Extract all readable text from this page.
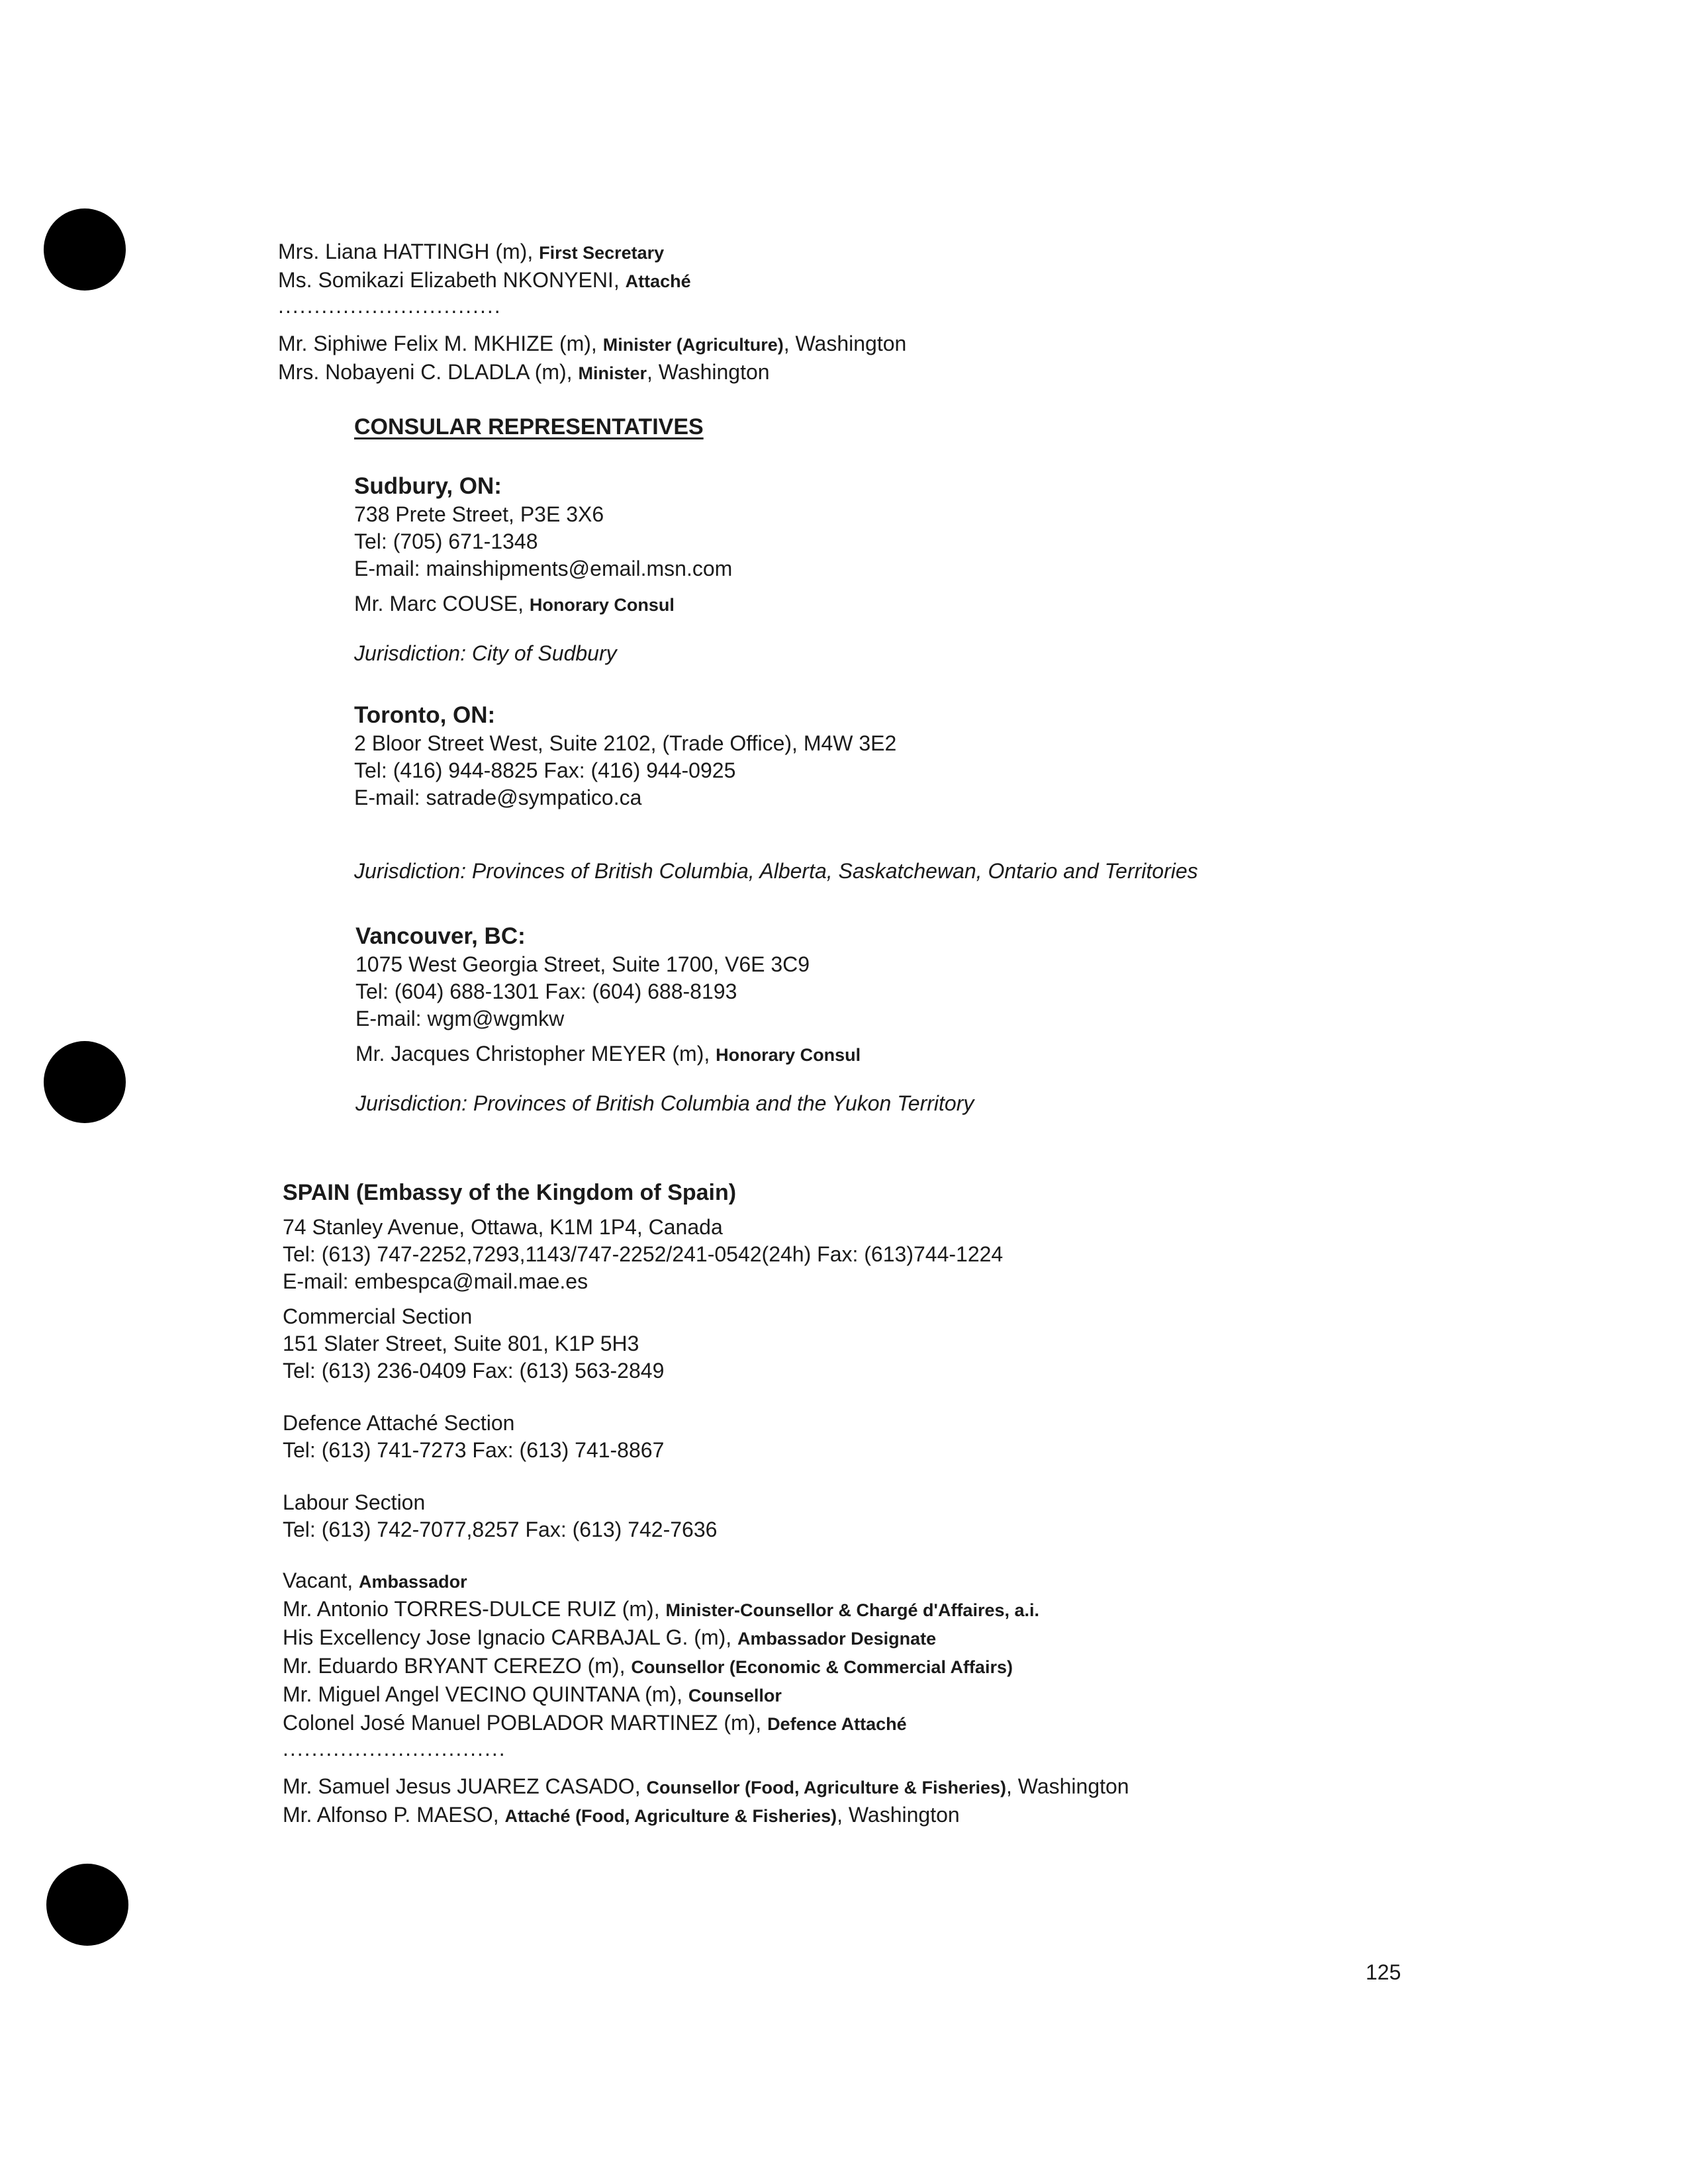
Mrs. Liana HATTINGH (m), First Secretary
Ms. Somikazi Elizabeth NKONYENI, Attaché
...............................
Mr. Siphiwe Felix M. MKHIZE (m), Minister (Agriculture), Washington
Mrs. Nobayeni C. DLADLA (m), Minister, Washington
CONSULAR REPRESENTATIVES
Sudbury, ON:
738 Prete Street, P3E 3X6
Tel: (705) 671-1348
E-mail: mainshipments@email.msn.com
Mr. Marc COUSE, Honorary Consul
Jurisdiction: City of Sudbury
Toronto, ON:
2 Bloor Street West, Suite 2102, (Trade Office), M4W 3E2
Tel: (416) 944-8825 Fax: (416) 944-0925
E-mail: satrade@sympatico.ca
Jurisdiction: Provinces of British Columbia, Alberta, Saskatchewan, Ontario and Territories
Vancouver, BC:
1075 West Georgia Street, Suite 1700, V6E 3C9
Tel: (604) 688-1301 Fax: (604) 688-8193
E-mail: wgm@wgmkw
Mr. Jacques Christopher MEYER (m), Honorary Consul
Jurisdiction: Provinces of British Columbia and the Yukon Territory
SPAIN (Embassy of the Kingdom of Spain)
74 Stanley Avenue, Ottawa, K1M 1P4, Canada
Tel: (613) 747-2252,7293,1143/747-2252/241-0542(24h) Fax: (613)744-1224
E-mail: embespca@mail.mae.es
Commercial Section
151 Slater Street, Suite 801, K1P 5H3
Tel: (613) 236-0409 Fax: (613) 563-2849
Defence Attaché Section
Tel: (613) 741-7273 Fax: (613) 741-8867
Labour Section
Tel: (613) 742-7077,8257 Fax: (613) 742-7636
Vacant, Ambassador
Mr. Antonio TORRES-DULCE RUIZ (m), Minister-Counsellor & Chargé d'Affaires, a.i.
His Excellency Jose Ignacio CARBAJAL G. (m), Ambassador Designate
Mr. Eduardo BRYANT CEREZO (m), Counsellor (Economic & Commercial Affairs)
Mr. Miguel Angel VECINO QUINTANA (m), Counsellor
Colonel José Manuel POBLADOR MARTINEZ (m), Defence Attaché
...............................
Mr. Samuel Jesus JUAREZ CASADO, Counsellor (Food, Agriculture & Fisheries), Washington
Mr. Alfonso P. MAESO, Attaché (Food, Agriculture & Fisheries), Washington
125
